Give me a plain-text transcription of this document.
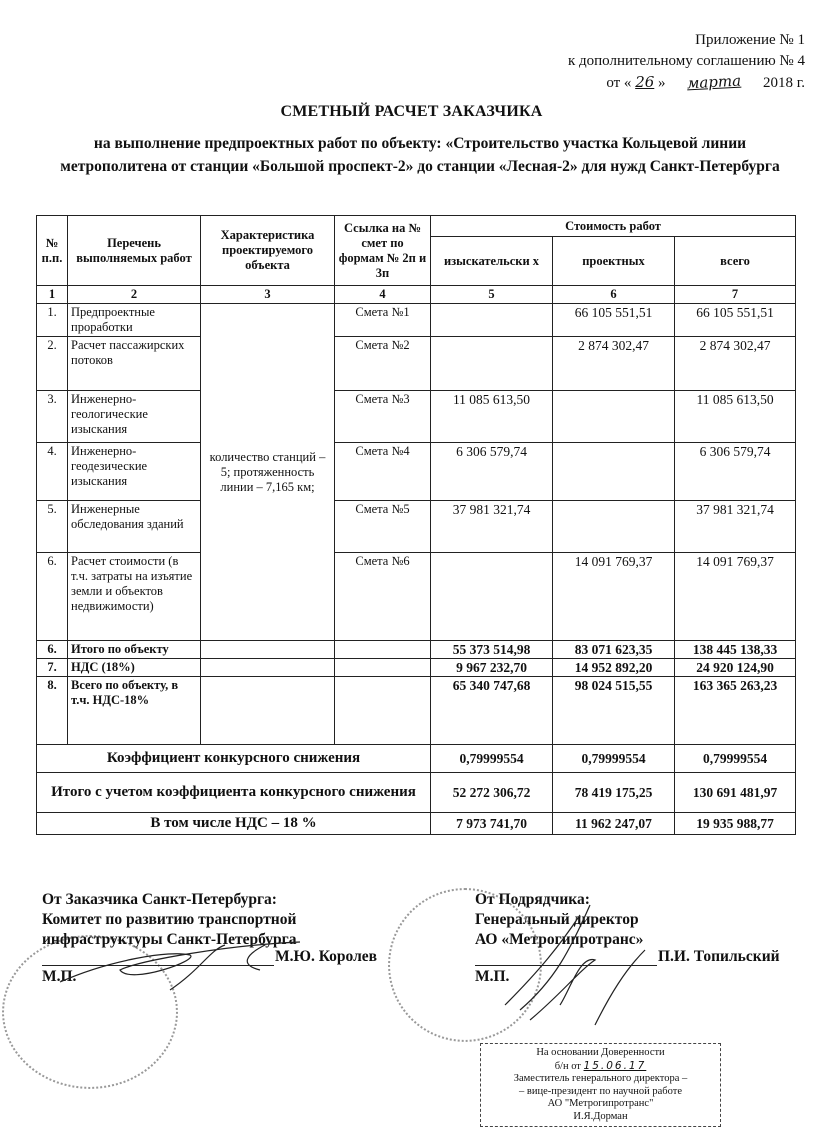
Приложение № 1
к дополнительному соглашению № 4
от « 26 » марта 2018 г.
СМЕТНЫЙ РАСЧЕТ ЗАКАЗЧИКА
на выполнение предпроектных работ по объекту: «Строительство участка Кольцевой линии метрополитена от станции «Большой проспект-2» до станции «Лесная-2» для нужд Санкт-Петербурга
№ п.п.	Перечень выполняемых работ	Характеристика проектируемого объекта	Ссылка на № смет по формам № 2п и 3п	Стоимость работ		
				изыскательски х	проектных	всего
1	2	3	4	5	6	7
1.	Предпроектные проработки	количество станций – 5; протяженность линии – 7,165 км;	Смета №1		66 105 551,51	66 105 551,51
2.	Расчет пассажирских потоков		Смета №2		2 874 302,47	2 874 302,47
3.	Инженерно-геологические изыскания		Смета №3	11 085 613,50		11 085 613,50
4.	Инженерно-геодезические изыскания		Смета №4	6 306 579,74		6 306 579,74
5.	Инженерные обследования зданий		Смета №5	37 981 321,74		37 981 321,74
6.	Расчет стоимости (в т.ч. затраты на изъятие земли и объектов недвижимости)		Смета №6		14 091 769,37	14 091 769,37
6.	Итого по объекту			55 373 514,98	83 071 623,35	138 445 138,33
7.	НДС (18%)			9 967 232,70	14 952 892,20	24 920 124,90
8.	Всего по объекту, в т.ч. НДС-18%			65 340 747,68	98 024 515,55	163 365 263,23
Коэффициент конкурсного снижения				0,79999554	0,79999554	0,79999554
Итого с учетом коэффициента конкурсного снижения				52 272 306,72	78 419 175,25	130 691 481,97
В том числе НДС – 18 %				7 973 741,70	11 962 247,07	19 935 988,77
От Заказчика Санкт-Петербурга:
Комитет по развитию транспортной
инфраструктуры Санкт-Петербурга
М.Ю. Королев
М.П.
От Подрядчика:
Генеральный директор
АО «Метрогипротранс»
П.И. Топильский
М.П.
На основании Доверенности
б/н от 15.06.17
Заместитель генерального директора –
– вице-президент по научной работе
АО "Метрогипротранс"
И.Я.Дорман
